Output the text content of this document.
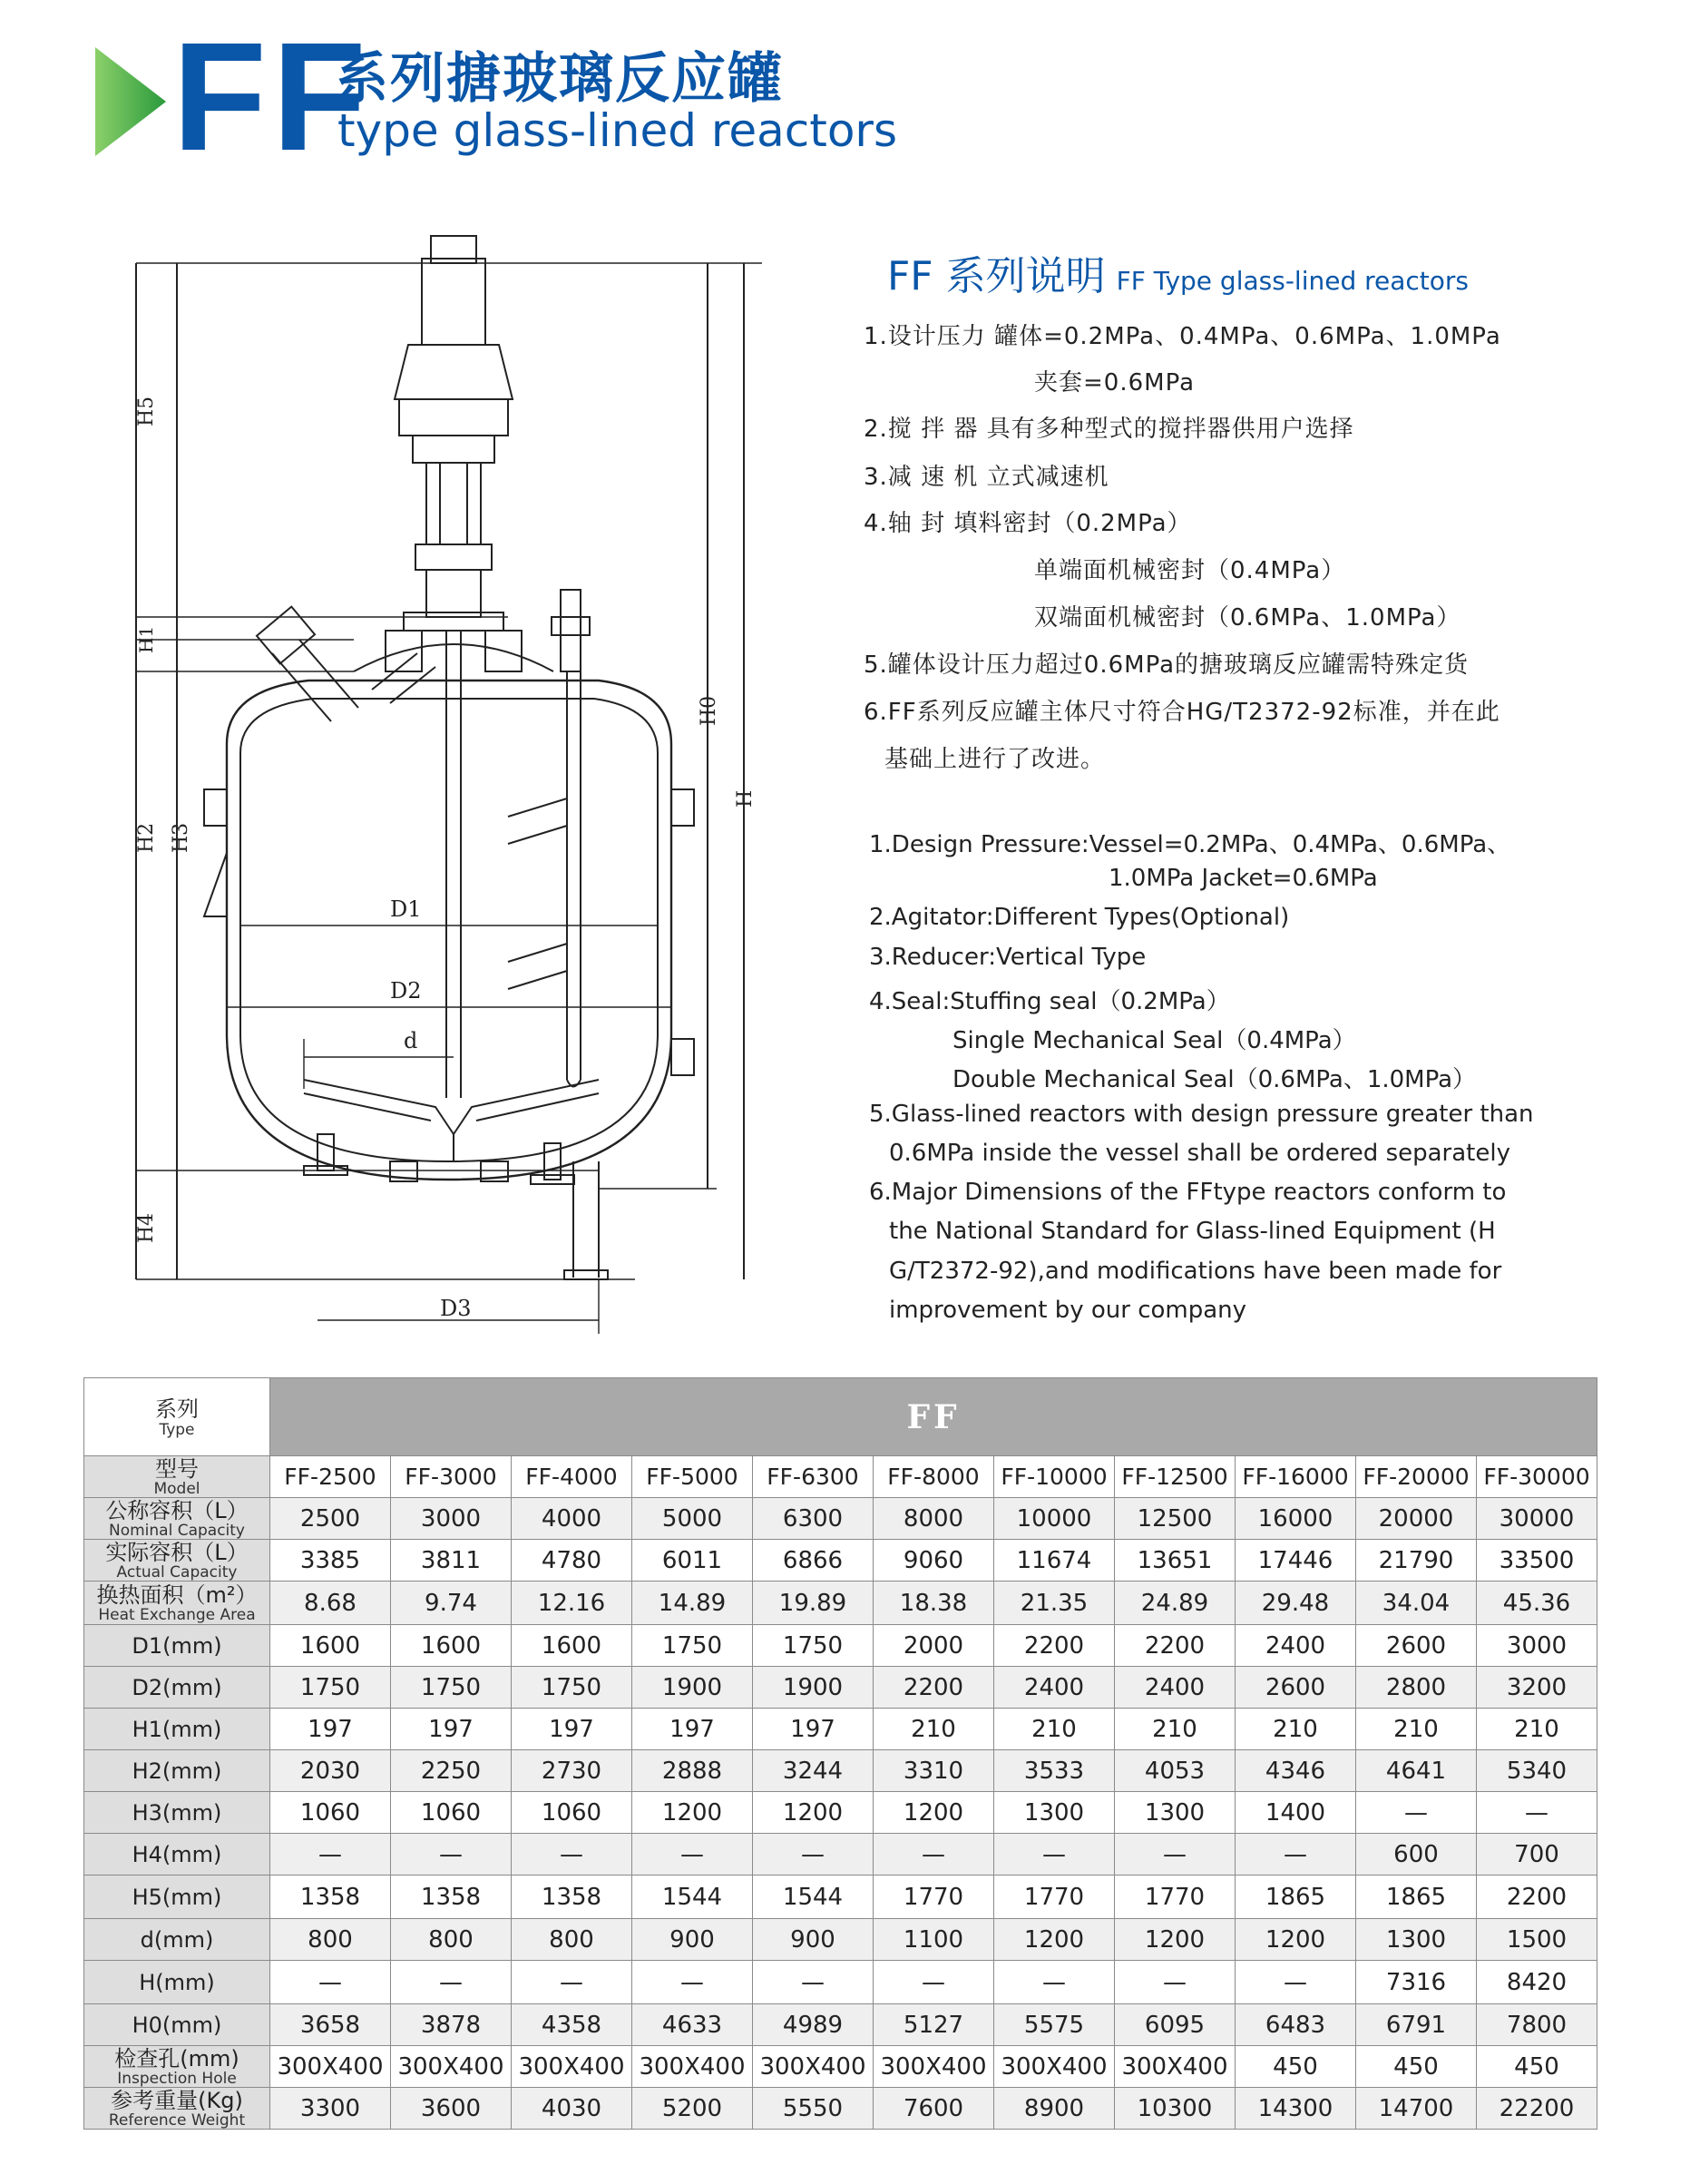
FF
系列搪玻璃反应罐
type glass-lined reactors
H5
H1
H2 H3
H4
H0
H
D1
D2
d
D3
FF 系列说明 FF Type glass-lined reactors
1.设计压力 罐体=0.2MPa、0.4MPa、0.6MPa、1.0MPa
夹套=0.6MPa
2.搅 拌 器 具有多种型式的搅拌器供用户选择
3.减 速 机 立式减速机
4.轴 封 填料密封（0.2MPa）
单端面机械密封（0.4MPa）
双端面机械密封（0.6MPa、1.0MPa）
5.罐体设计压力超过0.6MPa的搪玻璃反应罐需特殊定货
6.FF系列反应罐主体尺寸符合HG/T2372-92标准，并在此
基础上进行了改进。
1.Design Pressure:Vessel=0.2MPa、0.4MPa、0.6MPa、
1.0MPa Jacket=0.6MPa
2.Agitator:Different Types(Optional)
3.Reducer:Vertical Type
4.Seal:Stuffing seal（0.2MPa）
Single Mechanical Seal（0.4MPa）
Double Mechanical Seal（0.6MPa、1.0MPa）
5.Glass-lined reactors with design pressure greater than
0.6MPa inside the vessel shall be ordered separately
6.Major Dimensions of the FFtype reactors conform to
the National Standard for Glass-lined Equipment (H
G/T2372-92),and modifications have been made for
improvement by our company
系列
Type	FF										

型号
Model	FF-2500	FF-3000	FF-4000	FF-5000	FF-6300	FF-8000	FF-10000	FF-12500	FF-16000	FF-20000	FF-30000

公称容积（L）
Nominal Capacity	2500	3000	4000	5000	6300	8000	10000	12500	16000	20000	30000

实际容积（L）
Actual Capacity	3385	3811	4780	6011	6866	9060	11674	13651	17446	21790	33500

换热面积（m²）
Heat Exchange Area	8.68	9.74	12.16	14.89	19.89	18.38	21.35	24.89	29.48	34.04	45.36

D1(mm)	1600	1600	1600	1750	1750	2000	2200	2200	2400	2600	3000

D2(mm)	1750	1750	1750	1900	1900	2200	2400	2400	2600	2800	3200

H1(mm)	197	197	197	197	197	210	210	210	210	210	210

H2(mm)	2030	2250	2730	2888	3244	3310	3533	4053	4346	4641	5340

H3(mm)	1060	1060	1060	1200	1200	1200	1300	1300	1400	—	—

H4(mm)	—	—	—	—	—	—	—	—	—	600	700

H5(mm)	1358	1358	1358	1544	1544	1770	1770	1770	1865	1865	2200

d(mm)	800	800	800	900	900	1100	1200	1200	1200	1300	1500

H(mm)	—	—	—	—	—	—	—	—	—	7316	8420

H0(mm)	3658	3878	4358	4633	4989	5127	5575	6095	6483	6791	7800

检查孔(mm)
Inspection Hole	300X400	300X400	300X400	300X400	300X400	300X400	300X400	300X400	450	450	450

参考重量(Kg)
Reference Weight	3300	3600	4030	5200	5550	7600	8900	10300	14300	14700	22200
